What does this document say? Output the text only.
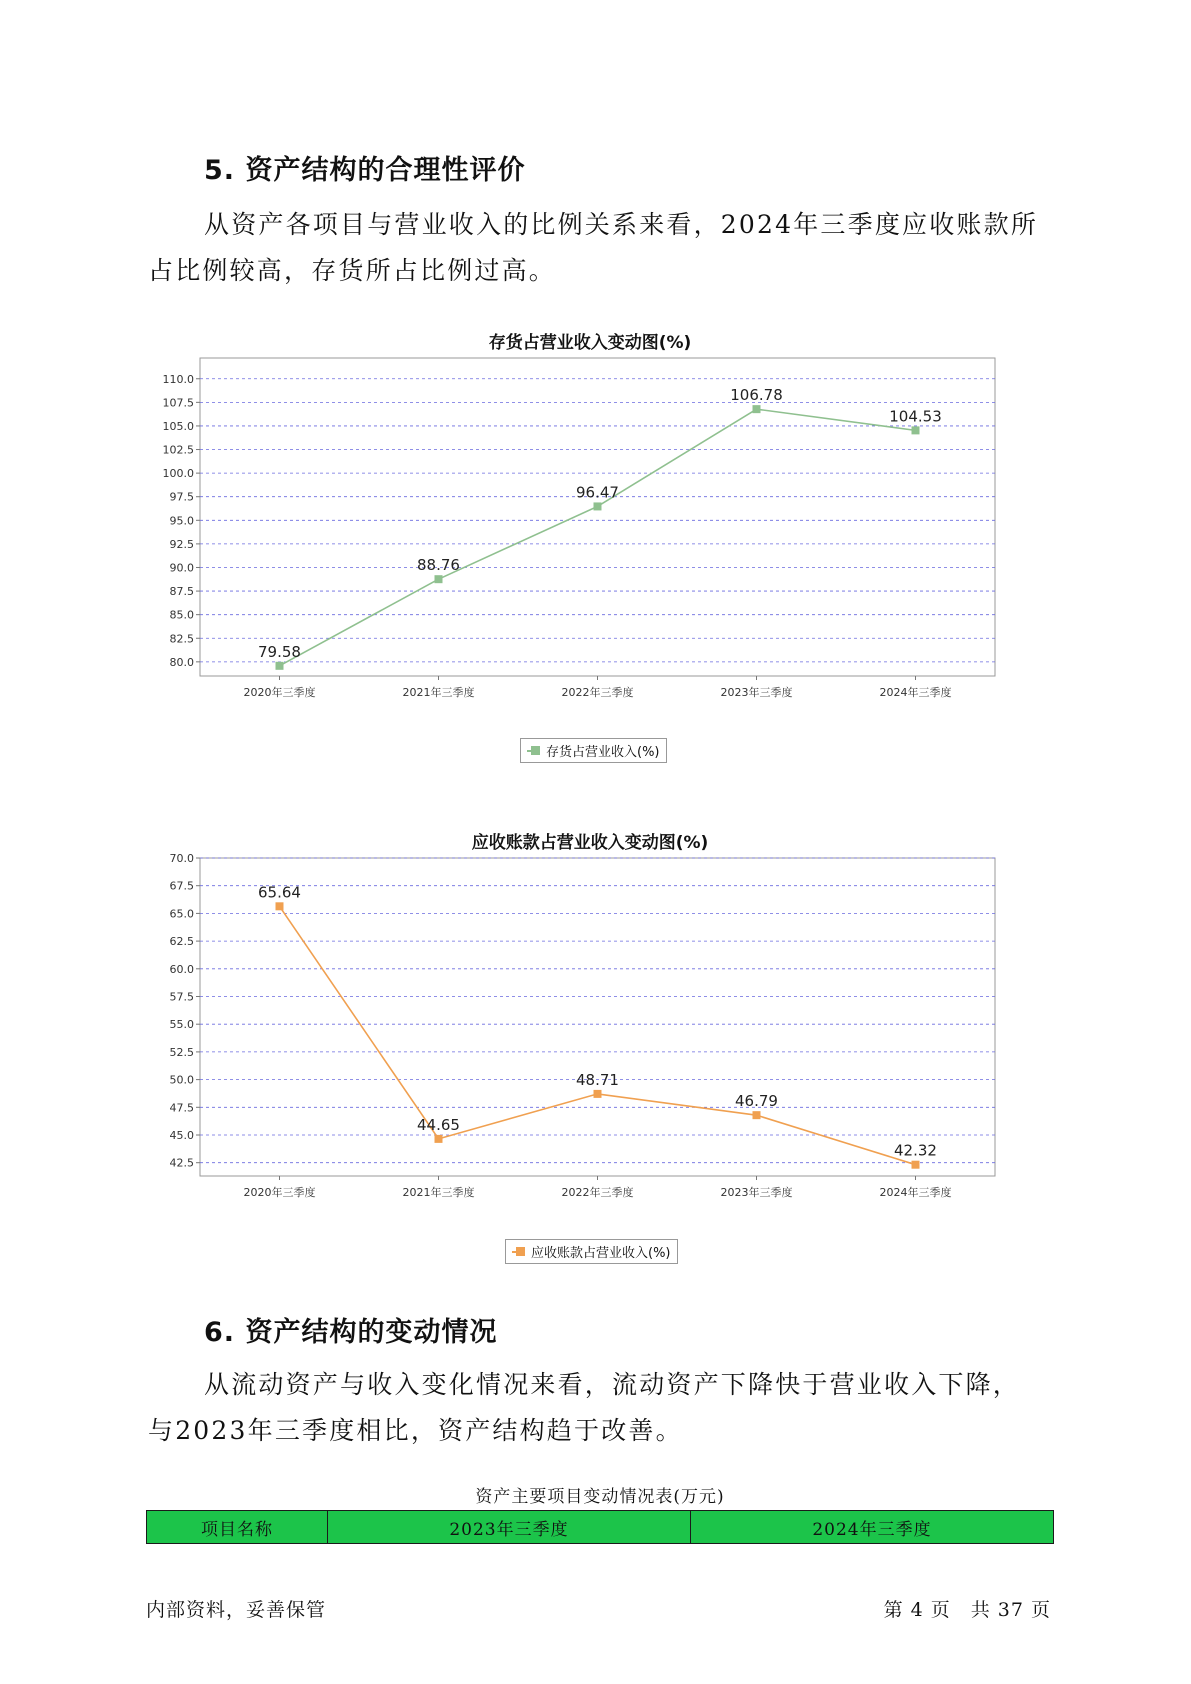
5. 资产结构的合理性评价

从资产各项目与营业收入的比例关系来看，2024年三季度应收账款所

占比例较高，存货所占比例过高。

存货占营业收入变动图(%)
80.0
82.5
85.0
87.5
90.0
92.5
95.0
97.5
100.0
102.5
105.0
107.5
110.0
2020年三季度	2021年三季度	2022年三季度	2023年三季度	2024年三季度
79.58
88.76
96.47
106.78
104.53
存货占营业收入(%)
应收账款占营业收入变动图(%)
42.5
45.0
47.5
50.0
52.5
55.0
57.5
60.0
62.5
65.0
67.5
70.0
2020年三季度	2021年三季度	2022年三季度	2023年三季度	2024年三季度
65.64
44.65
48.71
46.79
42.32
应收账款占营业收入(%)
6. 资产结构的变动情况

从流动资产与收入变化情况来看，流动资产下降快于营业收入下降，

与2023年三季度相比，资产结构趋于改善。

资产主要项目变动情况表(万元)
项目名称	2023年三季度	2024年三季度
内部资料，妥善保管	第 4 页　共 37 页
